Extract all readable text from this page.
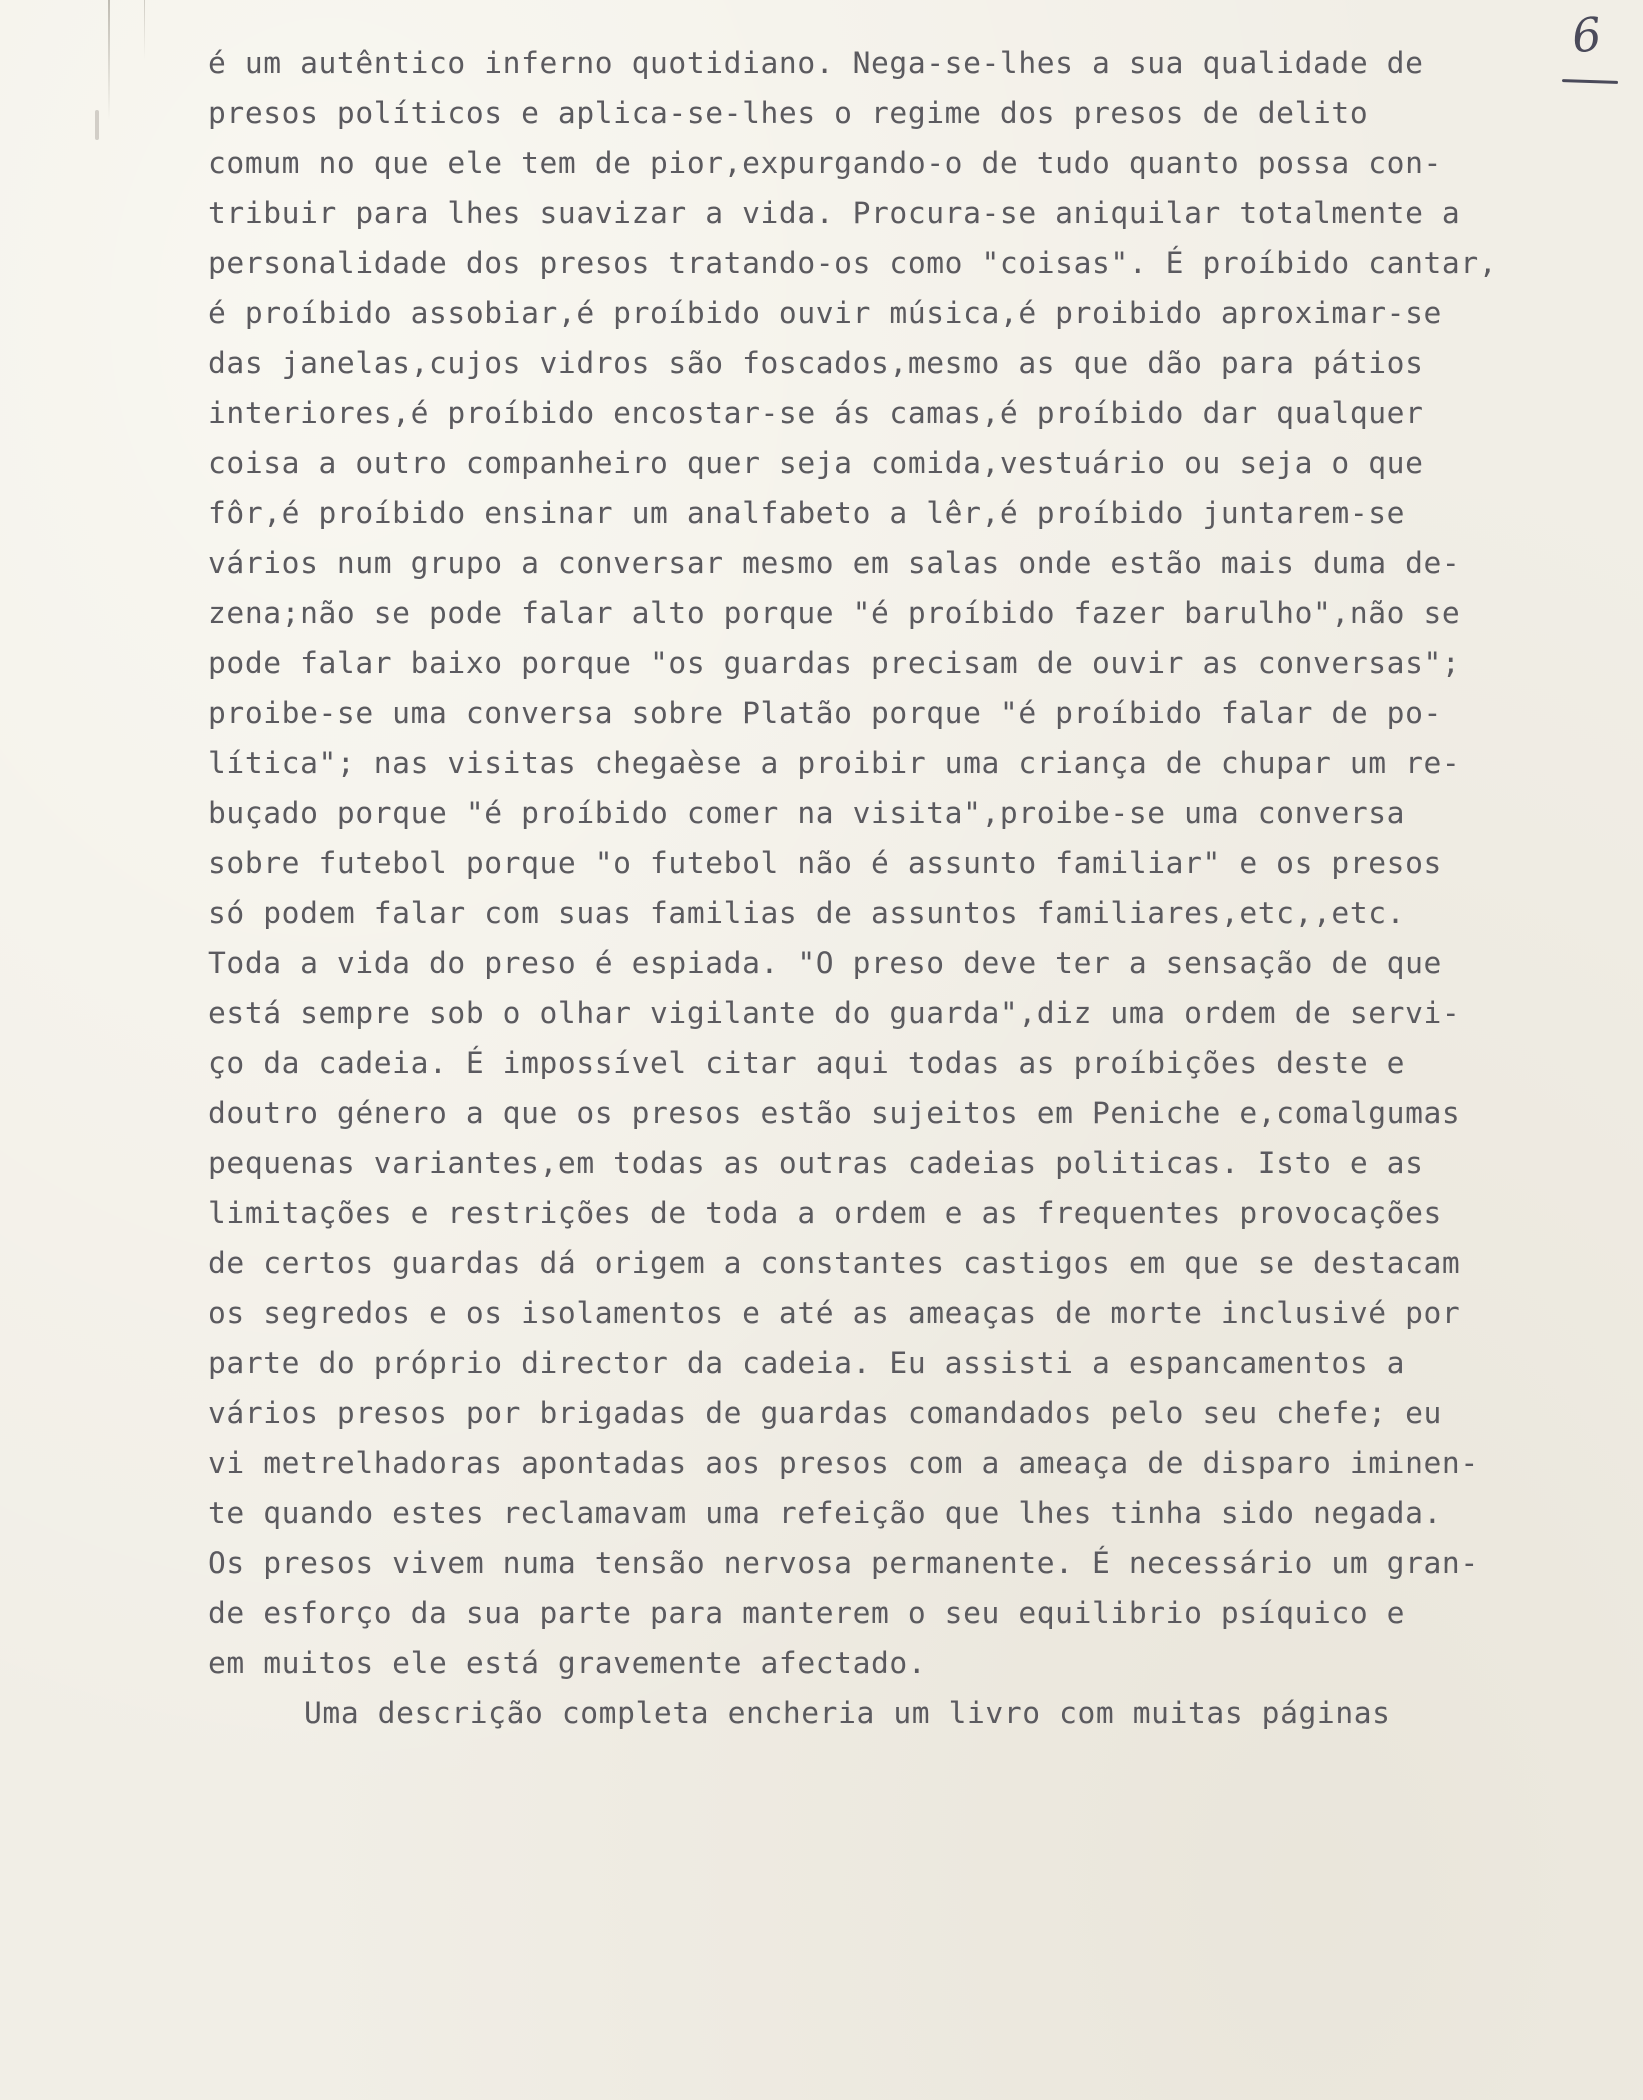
6
é um autêntico inferno quotidiano. Nega-se-lhes a sua qualidade de
presos políticos e aplica-se-lhes o regime dos presos de delito
comum no que ele tem de pior,expurgando-o de tudo quanto possa con-
tribuir para lhes suavizar a vida. Procura-se aniquilar totalmente a
personalidade dos presos tratando-os como "coisas". É proíbido cantar,
é proíbido assobiar,é proíbido ouvir música,é proibido aproximar-se
das janelas,cujos vidros são foscados,mesmo as que dão para pátios
interiores,é proíbido encostar-se ás camas,é proíbido dar qualquer
coisa a outro companheiro quer seja comida,vestuário ou seja o que
fôr,é proíbido ensinar um analfabeto a lêr,é proíbido juntarem-se
vários num grupo a conversar mesmo em salas onde estão mais duma de-
zena;não se pode falar alto porque "é proíbido fazer barulho",não se
pode falar baixo porque "os guardas precisam de ouvir as conversas";
proibe-se uma conversa sobre Platão porque "é proíbido falar de po-
lítica"; nas visitas chegaèse a proibir uma criança de chupar um re-
buçado porque "é proíbido comer na visita",proibe-se uma conversa
sobre futebol porque "o futebol não é assunto familiar" e os presos
só podem falar com suas familias de assuntos familiares,etc,,etc.
Toda a vida do preso é espiada. "O preso deve ter a sensação de que
está sempre sob o olhar vigilante do guarda",diz uma ordem de servi-
ço da cadeia. É impossível citar aqui todas as proíbições deste e
doutro género a que os presos estão sujeitos em Peniche e,comalgumas
pequenas variantes,em todas as outras cadeias politicas. Isto e as
limitações e restrições de toda a ordem e as frequentes provocações
de certos guardas dá origem a constantes castigos em que se destacam
os segredos e os isolamentos e até as ameaças de morte inclusivé por
parte do próprio director da cadeia. Eu assisti a espancamentos a
vários presos por brigadas de guardas comandados pelo seu chefe; eu
vi metrelhadoras apontadas aos presos com a ameaça de disparo iminen-
te quando estes reclamavam uma refeição que lhes tinha sido negada.
Os presos vivem numa tensão nervosa permanente. É necessário um gran-
de esforço da sua parte para manterem o seu equilibrio psíquico e
em muitos ele está gravemente afectado.
Uma descrição completa encheria um livro com muitas páginas
